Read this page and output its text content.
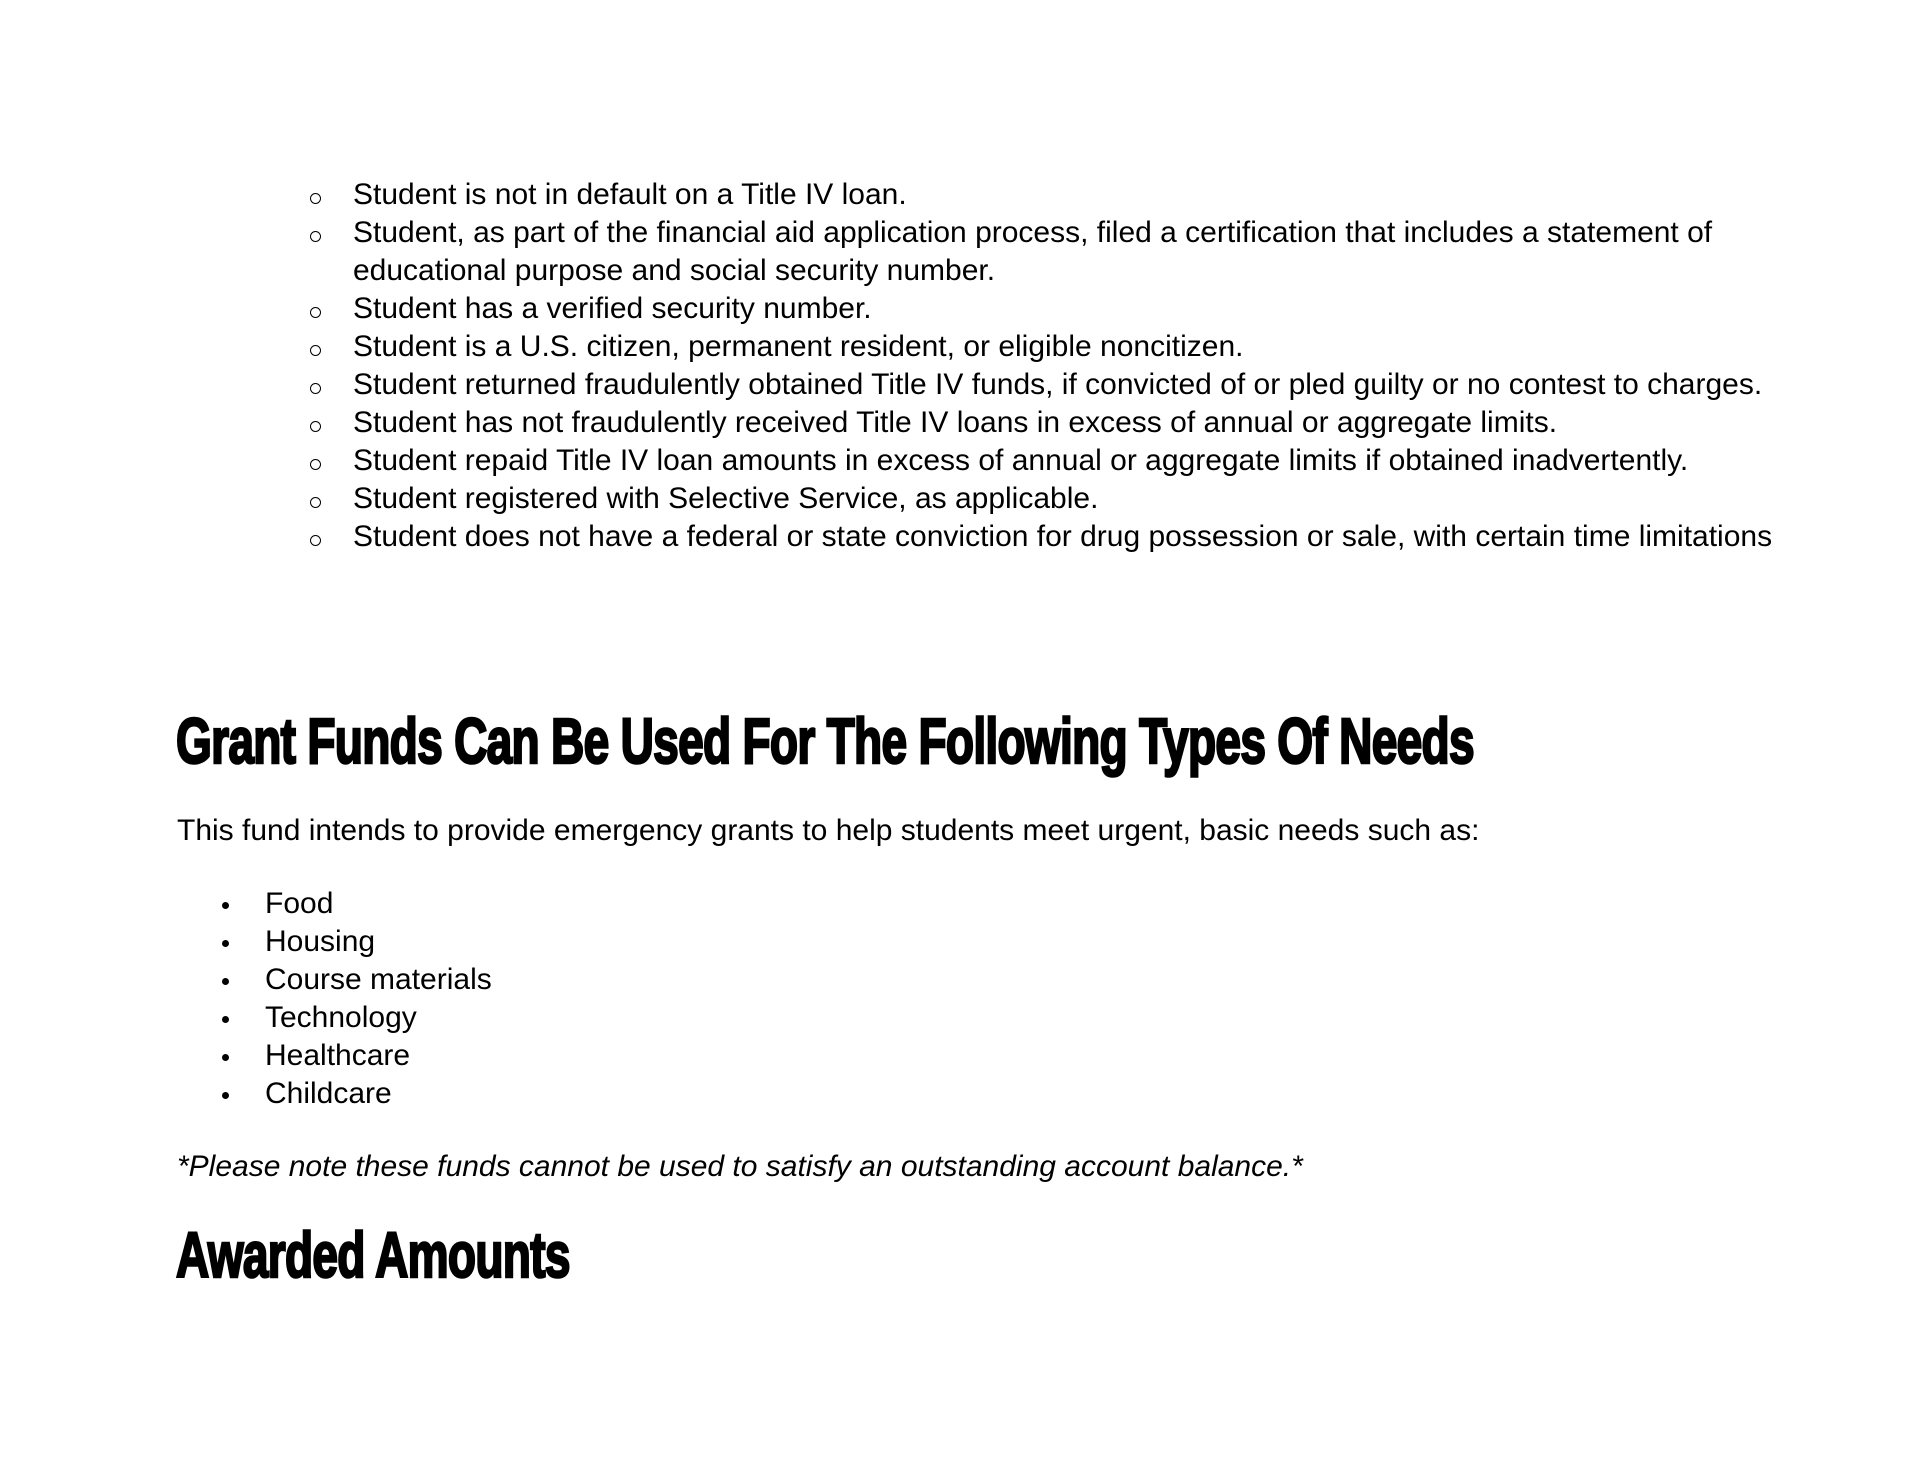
Student is not in default on a Title IV loan.
Student, as part of the financial aid application process, filed a certification that includes a statement of educational purpose and social security number.
Student has a verified security number.
Student is a U.S. citizen, permanent resident, or eligible noncitizen.
Student returned fraudulently obtained Title IV funds, if convicted of or pled guilty or no contest to charges.
Student has not fraudulently received Title IV loans in excess of annual or aggregate limits.
Student repaid Title IV loan amounts in excess of annual or aggregate limits if obtained inadvertently.
Student registered with Selective Service, as applicable.
Student does not have a federal or state conviction for drug possession or sale, with certain time limitations
Grant Funds Can Be Used For The Following Types Of Needs

This fund intends to provide emergency grants to help students meet urgent, basic needs such as:

Food
Housing
Course materials
Technology
Healthcare
Childcare

*Please note these funds cannot be used to satisfy an outstanding account balance.*

Awarded Amounts
